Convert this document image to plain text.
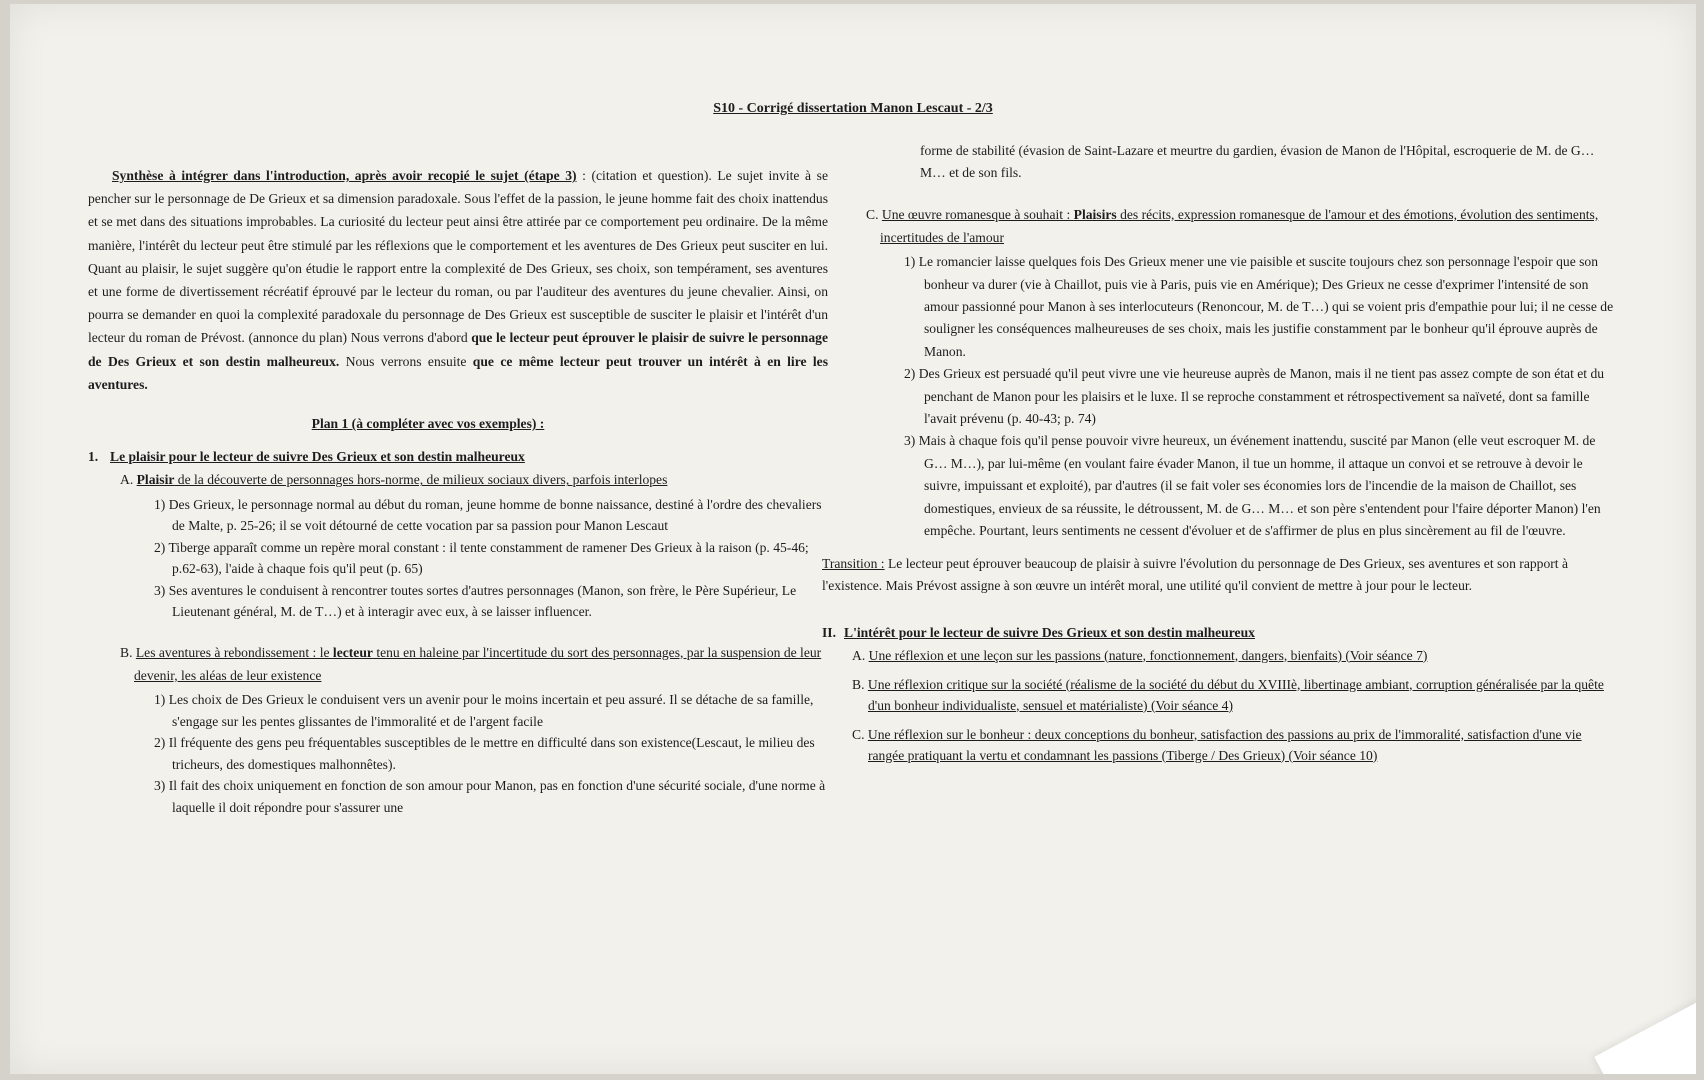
S10 - Corrigé dissertation Manon Lescaut - 2/3

Synthèse à intégrer dans l'introduction, après avoir recopié le sujet (étape 3) : (citation et question). Le sujet invite à se pencher sur le personnage de De Grieux et sa dimension paradoxale. Sous l'effet de la passion, le jeune homme fait des choix inattendus et se met dans des situations improbables. La curiosité du lecteur peut ainsi être attirée par ce comportement peu ordinaire. De la même manière, l'intérêt du lecteur peut être stimulé par les réflexions que le comportement et les aventures de Des Grieux peut susciter en lui. Quant au plaisir, le sujet suggère qu'on étudie le rapport entre la complexité de Des Grieux, ses choix, son tempérament, ses aventures et une forme de divertissement récréatif éprouvé par le lecteur du roman, ou par l'auditeur des aventures du jeune chevalier. Ainsi, on pourra se demander en quoi la complexité paradoxale du personnage de Des Grieux est susceptible de susciter le plaisir et l'intérêt d'un lecteur du roman de Prévost. (annonce du plan) Nous verrons d'abord que le lecteur peut éprouver le plaisir de suivre le personnage de Des Grieux et son destin malheureux. Nous verrons ensuite que ce même lecteur peut trouver un intérêt à en lire les aventures.

Plan 1 (à compléter avec vos exemples) :
1. Le plaisir pour le lecteur de suivre Des Grieux et son destin malheureux
A. Plaisir de la découverte de personnages hors-norme, de milieux sociaux divers, parfois interlopes
1) Des Grieux, le personnage normal au début du roman, jeune homme de bonne naissance, destiné à l'ordre des chevaliers de Malte, p. 25-26; il se voit détourné de cette vocation par sa passion pour Manon Lescaut
2) Tiberge apparaît comme un repère moral constant : il tente constamment de ramener Des Grieux à la raison (p. 45-46; p.62-63), l'aide à chaque fois qu'il peut (p. 65)
3) Ses aventures le conduisent à rencontrer toutes sortes d'autres personnages (Manon, son frère, le Père Supérieur, Le Lieutenant général, M. de T…) et à interagir avec eux, à se laisser influencer.
B. Les aventures à rebondissement : le lecteur tenu en haleine par l'incertitude du sort des personnages, par la suspension de leur devenir, les aléas de leur existence
1) Les choix de Des Grieux le conduisent vers un avenir pour le moins incertain et peu assuré. Il se détache de sa famille, s'engage sur les pentes glissantes de l'immoralité et de l'argent facile
2) Il fréquente des gens peu fréquentables susceptibles de le mettre en difficulté dans son existence(Lescaut, le milieu des tricheurs, des domestiques malhonnêtes).
3) Il fait des choix uniquement en fonction de son amour pour Manon, pas en fonction d'une sécurité sociale, d'une norme à laquelle il doit répondre pour s'assurer une
forme de stabilité (évasion de Saint-Lazare et meurtre du gardien, évasion de Manon de l'Hôpital, escroquerie de M. de G… M… et de son fils.
C. Une œuvre romanesque à souhait : Plaisirs des récits, expression romanesque de l'amour et des émotions, évolution des sentiments, incertitudes de l'amour
1) Le romancier laisse quelques fois Des Grieux mener une vie paisible et suscite toujours chez son personnage l'espoir que son bonheur va durer (vie à Chaillot, puis vie à Paris, puis vie en Amérique); Des Grieux ne cesse d'exprimer l'intensité de son amour passionné pour Manon à ses interlocuteurs (Renoncour, M. de T…) qui se voient pris d'empathie pour lui; il ne cesse de souligner les conséquences malheureuses de ses choix, mais les justifie constamment par le bonheur qu'il éprouve auprès de Manon.
2) Des Grieux est persuadé qu'il peut vivre une vie heureuse auprès de Manon, mais il ne tient pas assez compte de son état et du penchant de Manon pour les plaisirs et le luxe. Il se reproche constamment et rétrospectivement sa naïveté, dont sa famille l'avait prévenu (p. 40-43; p. 74)
3) Mais à chaque fois qu'il pense pouvoir vivre heureux, un événement inattendu, suscité par Manon (elle veut escroquer M. de G… M…), par lui-même (en voulant faire évader Manon, il tue un homme, il attaque un convoi et se retrouve à devoir le suivre, impuissant et exploité), par d'autres (il se fait voler ses économies lors de l'incendie de la maison de Chaillot, ses domestiques, envieux de sa réussite, le détroussent, M. de G… M… et son père s'entendent pour l'faire déporter Manon) l'en empêche. Pourtant, leurs sentiments ne cessent d'évoluer et de s'affirmer de plus en plus sincèrement au fil de l'œuvre.
Transition : Le lecteur peut éprouver beaucoup de plaisir à suivre l'évolution du personnage de Des Grieux, ses aventures et son rapport à l'existence. Mais Prévost assigne à son œuvre un intérêt moral, une utilité qu'il convient de mettre à jour pour le lecteur.
II. L'intérêt pour le lecteur de suivre Des Grieux et son destin malheureux
A. Une réflexion et une leçon sur les passions (nature, fonctionnement, dangers, bienfaits) (Voir séance 7)
B. Une réflexion critique sur la société (réalisme de la société du début du XVIIIè, libertinage ambiant, corruption généralisée par la quête d'un bonheur individualiste, sensuel et matérialiste) (Voir séance 4)
C. Une réflexion sur le bonheur : deux conceptions du bonheur, satisfaction des passions au prix de l'immoralité, satisfaction d'une vie rangée pratiquant la vertu et condamnant les passions (Tiberge / Des Grieux) (Voir séance 10)
